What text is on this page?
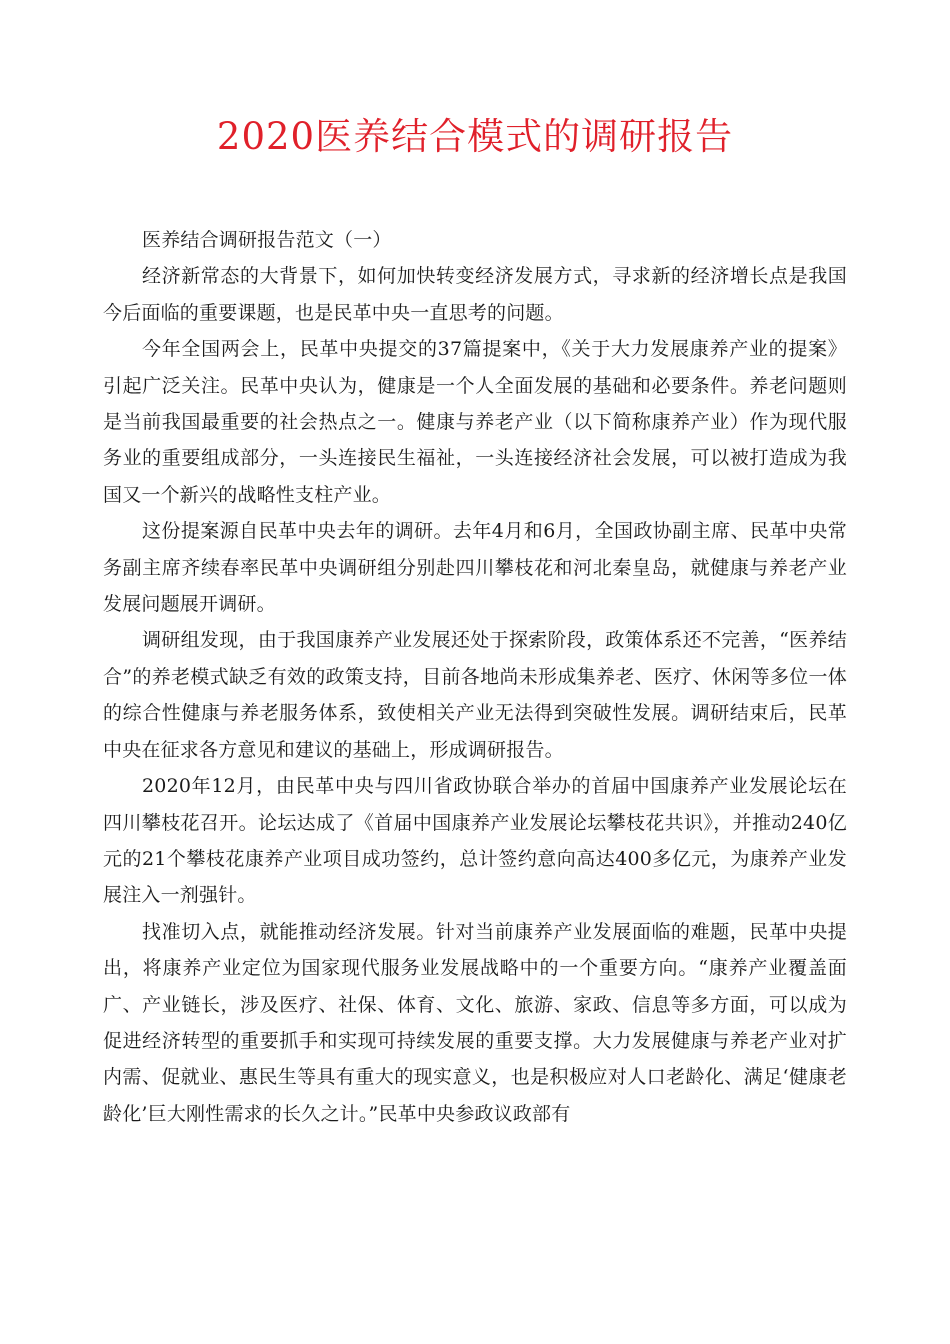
2020医养结合模式的调研报告

医养结合调研报告范文（一）

经济新常态的大背景下，如何加快转变经济发展方式，寻求新的经济增长点是我国今后面临的重要课题，也是民革中央一直思考的问题。

今年全国两会上，民革中央提交的37篇提案中，《关于大力发展康养产业的提案》引起广泛关注。民革中央认为，健康是一个人全面发展的基础和必要条件。养老问题则是当前我国最重要的社会热点之一。健康与养老产业（以下简称康养产业）作为现代服务业的重要组成部分，一头连接民生福祉，一头连接经济社会发展，可以被打造成为我国又一个新兴的战略性支柱产业。

这份提案源自民革中央去年的调研。去年4月和6月，全国政协副主席、民革中央常务副主席齐续春率民革中央调研组分别赴四川攀枝花和河北秦皇岛，就健康与养老产业发展问题展开调研。

调研组发现，由于我国康养产业发展还处于探索阶段，政策体系还不完善，“医养结合”的养老模式缺乏有效的政策支持，目前各地尚未形成集养老、医疗、休闲等多位一体的综合性健康与养老服务体系，致使相关产业无法得到突破性发展。调研结束后，民革中央在征求各方意见和建议的基础上，形成调研报告。

2020年12月，由民革中央与四川省政协联合举办的首届中国康养产业发展论坛在四川攀枝花召开。论坛达成了《首届中国康养产业发展论坛攀枝花共识》，并推动240亿元的21个攀枝花康养产业项目成功签约，总计签约意向高达400多亿元，为康养产业发展注入一剂强针。

找准切入点，就能推动经济发展。针对当前康养产业发展面临的难题，民革中央提出，将康养产业定位为国家现代服务业发展战略中的一个重要方向。“康养产业覆盖面广、产业链长，涉及医疗、社保、体育、文化、旅游、家政、信息等多方面，可以成为促进经济转型的重要抓手和实现可持续发展的重要支撑。大力发展健康与养老产业对扩内需、促就业、惠民生等具有重大的现实意义，也是积极应对人口老龄化、满足‘健康老龄化’巨大刚性需求的长久之计。”民革中央参政议政部有
